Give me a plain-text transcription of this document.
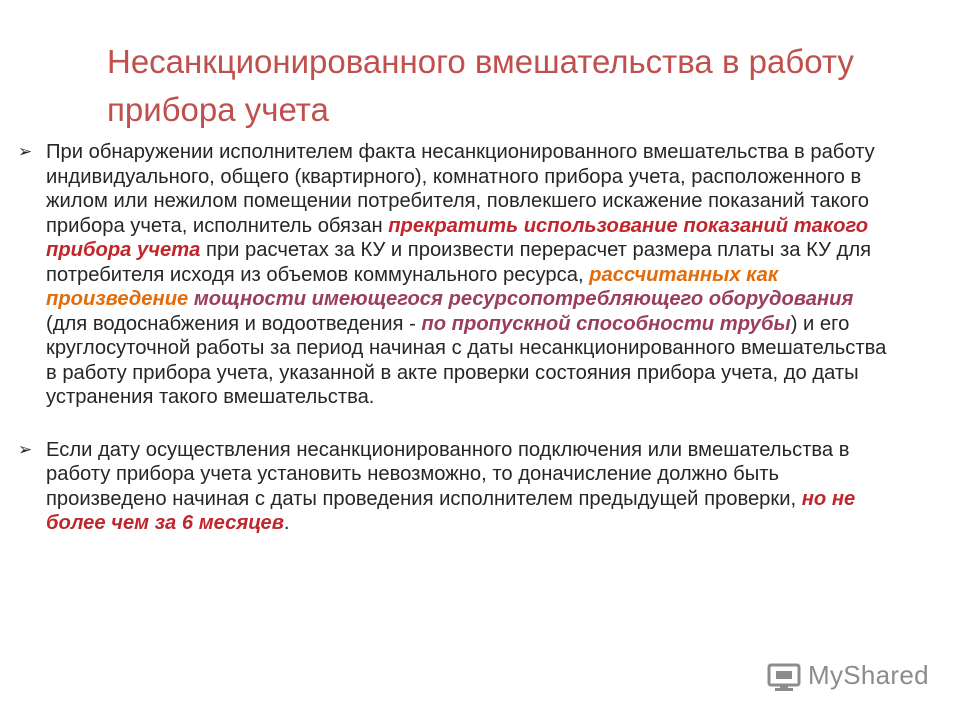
Несанкционированного вмешательства в работу прибора учета
➢ При обнаружении исполнителем факта несанкционированного вмешательства в работу индивидуального, общего (квартирного), комнатного прибора учета, расположенного в жилом или нежилом помещении потребителя, повлекшего искажение показаний такого прибора учета, исполнитель обязан прекратить использование показаний такого прибора учета при расчетах за КУ и произвести перерасчет размера платы за КУ для потребителя исходя из объемов коммунального ресурса, рассчитанных как произведение мощности имеющегося ресурсопотребляющего оборудования (для водоснабжения и водоотведения - по пропускной способности трубы) и его круглосуточной работы за период начиная с даты несанкционированного вмешательства в работу прибора учета, указанной в акте проверки состояния прибора учета, до даты устранения такого вмешательства.
➢ Если дату осуществления несанкционированного подключения или вмешательства в работу прибора учета установить невозможно, то доначисление должно быть произведено начиная с даты проведения исполнителем предыдущей проверки, но не более чем за 6 месяцев.
MyShared
